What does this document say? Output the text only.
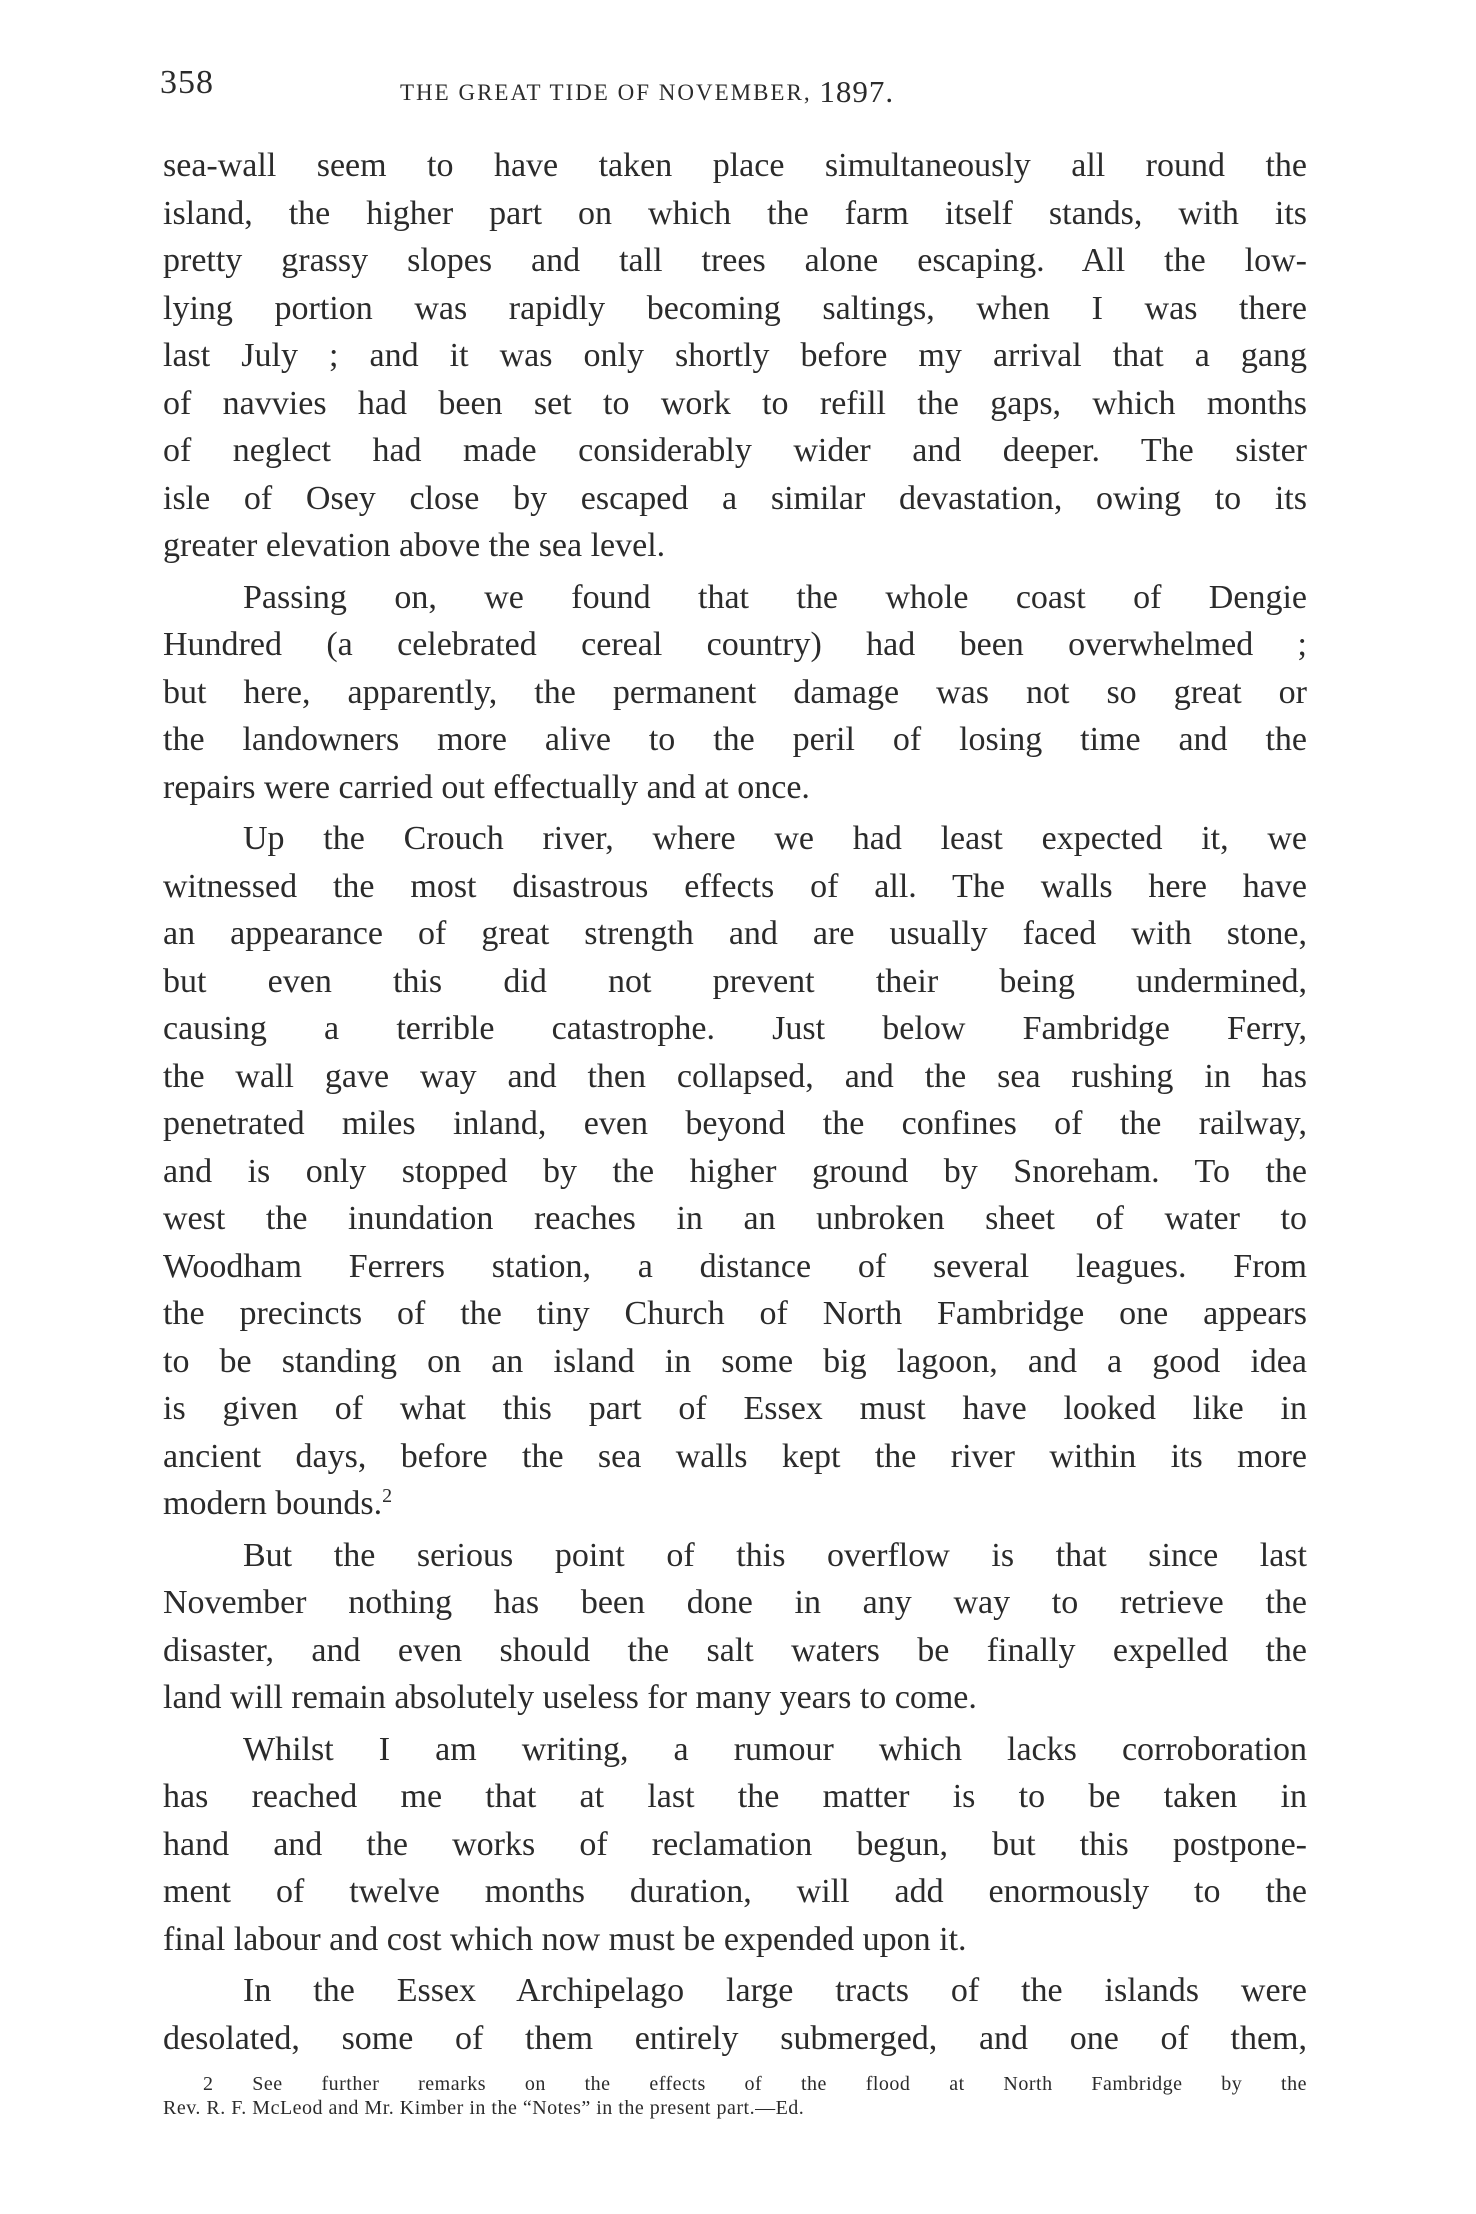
358	THE GREAT TIDE OF NOVEMBER, 1897.

sea-wall seem to have taken place simultaneously all round the

island, the higher part on which the farm itself stands, with its

pretty grassy slopes and tall trees alone escaping. All the low-

lying portion was rapidly becoming saltings, when I was there

last July ; and it was only shortly before my arrival that a gang

of navvies had been set to work to refill the gaps, which months

of neglect had made considerably wider and deeper. The sister

isle of Osey close by escaped a similar devastation, owing to its

greater elevation above the sea level.

Passing on, we found that the whole coast of Dengie

Hundred (a celebrated cereal country) had been overwhelmed ;

but here, apparently, the permanent damage was not so great or

the landowners more alive to the peril of losing time and the

repairs were carried out effectually and at once.

Up the Crouch river, where we had least expected it, we

witnessed the most disastrous effects of all. The walls here have

an appearance of great strength and are usually faced with stone,

but even this did not prevent their being undermined,

causing a terrible catastrophe. Just below Fambridge Ferry,

the wall gave way and then collapsed, and the sea rushing in has

penetrated miles inland, even beyond the confines of the railway,

and is only stopped by the higher ground by Snoreham. To the

west the inundation reaches in an unbroken sheet of water to

Woodham Ferrers station, a distance of several leagues. From

the precincts of the tiny Church of North Fambridge one appears

to be standing on an island in some big lagoon, and a good idea

is given of what this part of Essex must have looked like in

ancient days, before the sea walls kept the river within its more

modern bounds.$^2$

But the serious point of this overflow is that since last

November nothing has been done in any way to retrieve the

disaster, and even should the salt waters be finally expelled the

land will remain absolutely useless for many years to come.

Whilst I am writing, a rumour which lacks corroboration

has reached me that at last the matter is to be taken in

hand and the works of reclamation begun, but this postpone-

ment of twelve months duration, will add enormously to the

final labour and cost which now must be expended upon it.

In the Essex Archipelago large tracts of the islands were

desolated, some of them entirely submerged, and one of them,

2 See further remarks on the effects of the flood at North Fambridge by the

Rev. R. F. McLeod and Mr. Kimber in the “Notes” in the present part.—Ed.
